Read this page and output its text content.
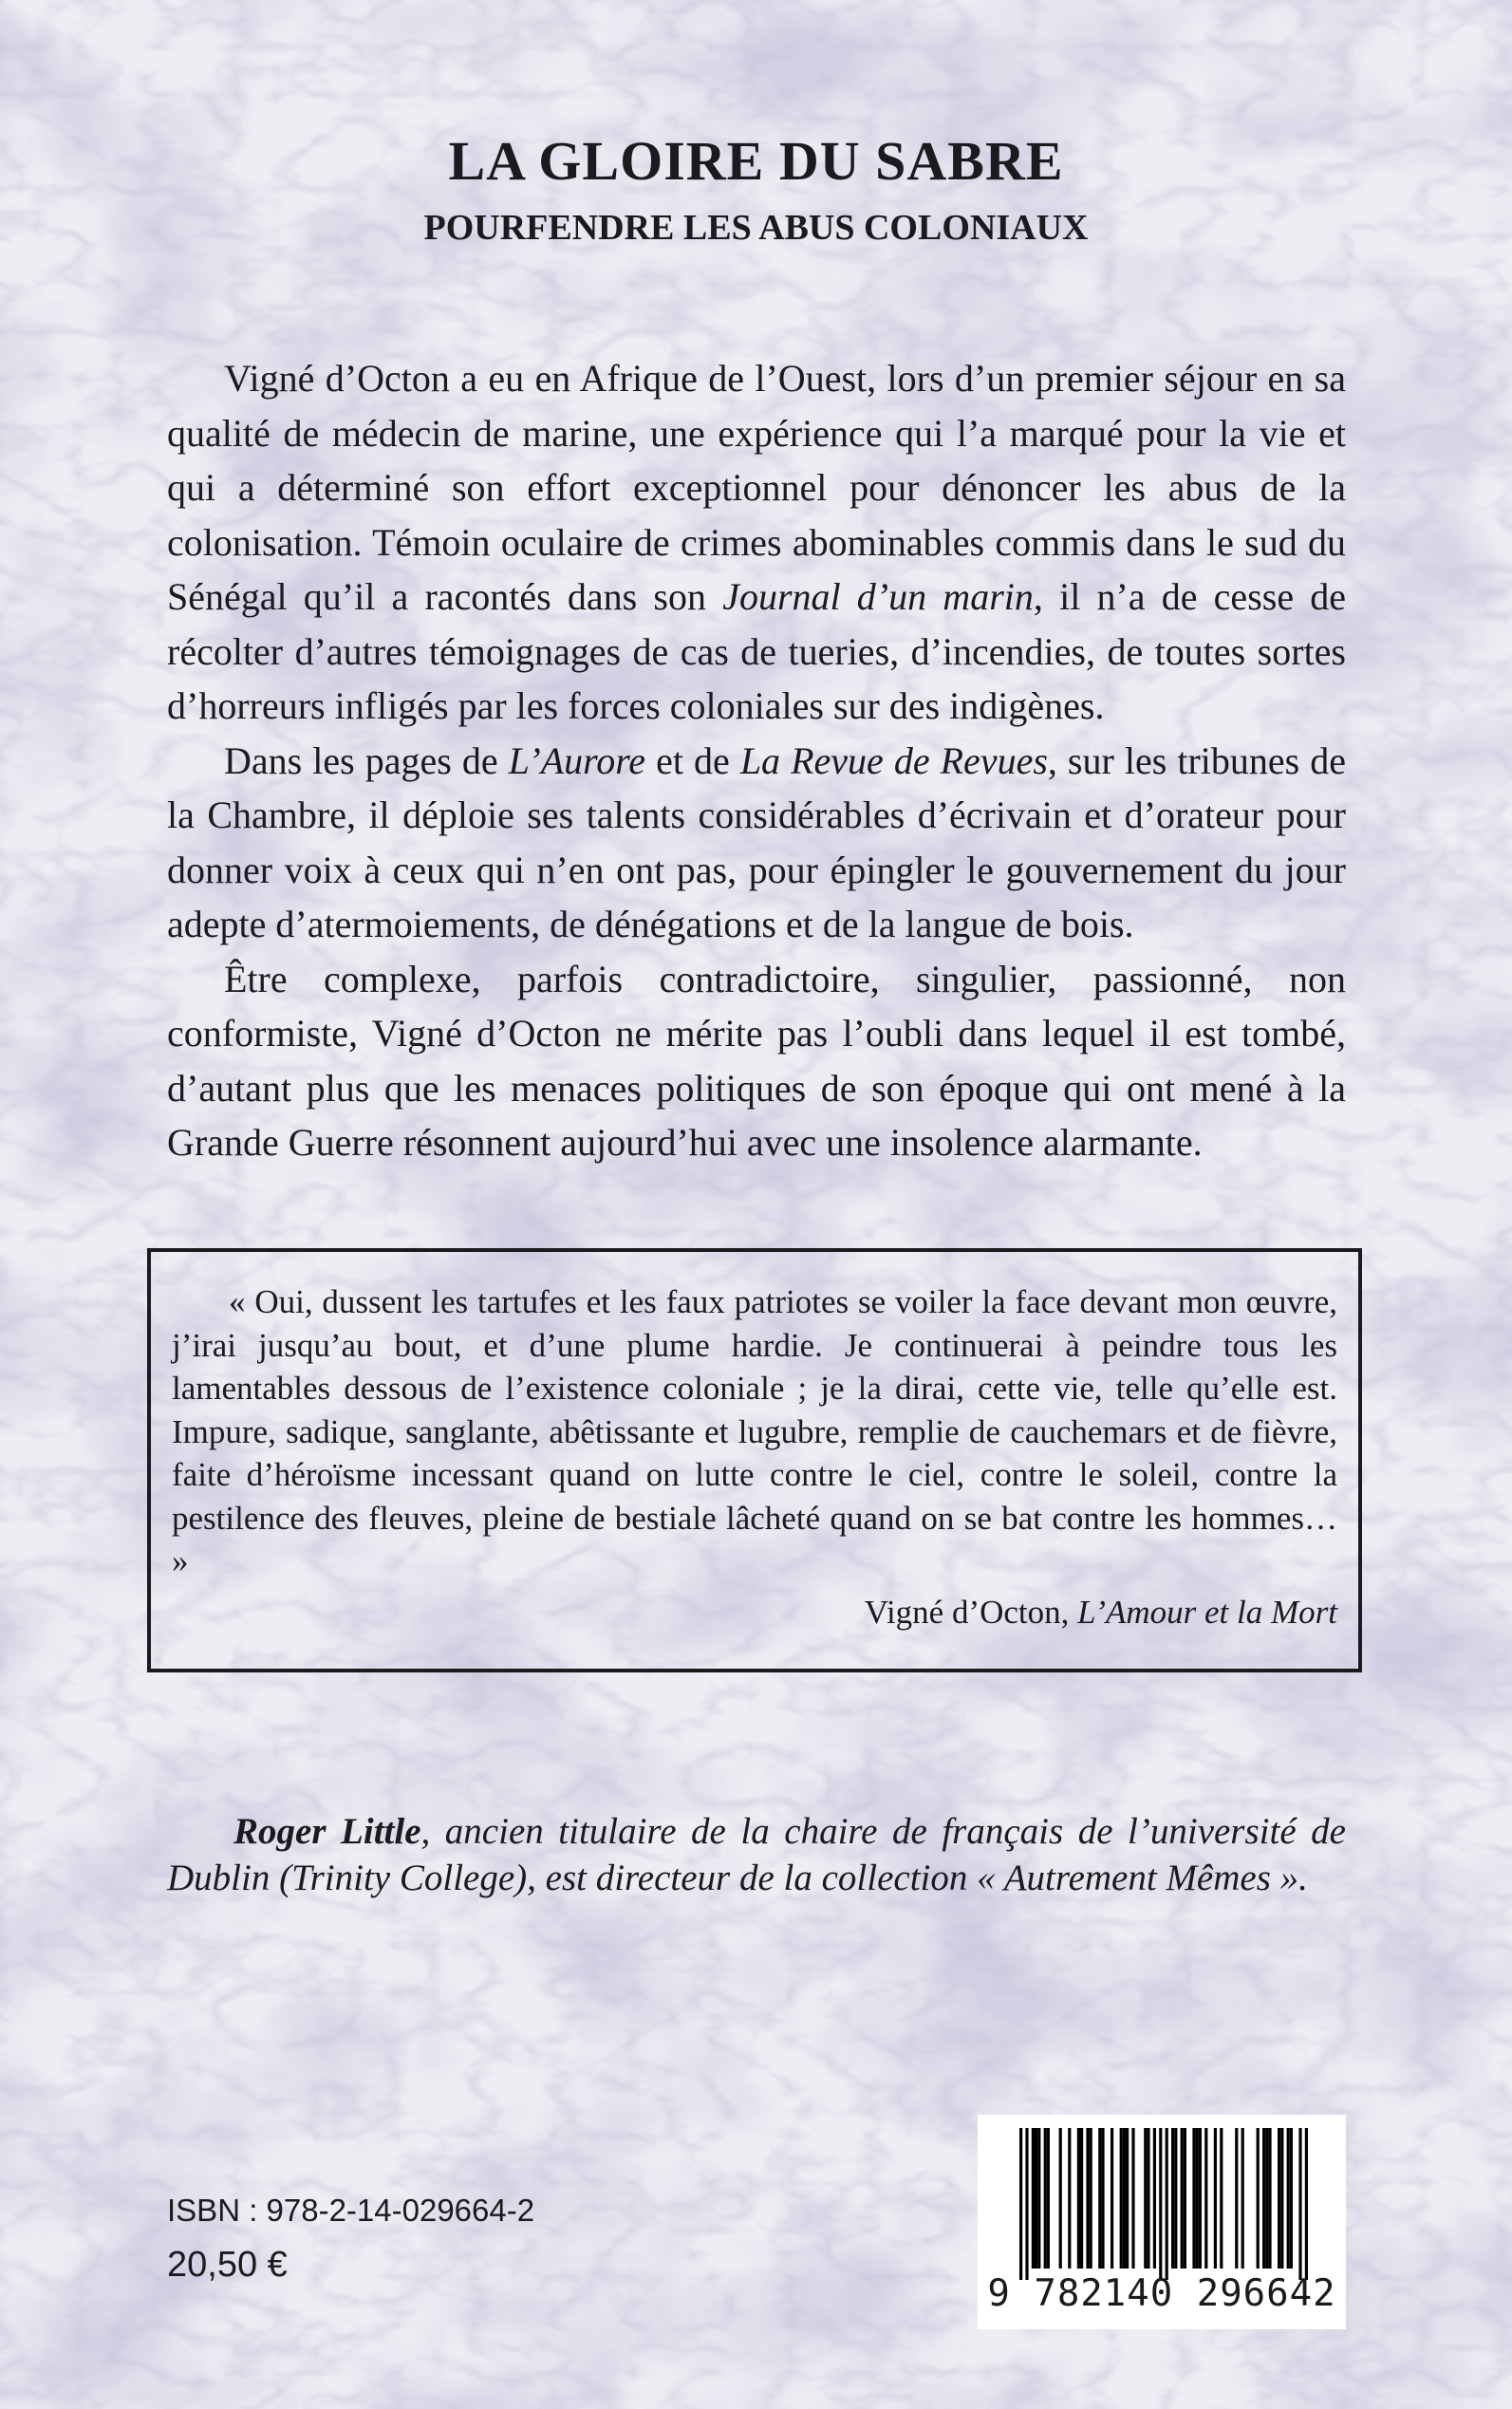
LA GLOIRE DU SABRE
POURFENDRE LES ABUS COLONIAUX

Vigné d’Octon a eu en Afrique de l’Ouest, lors d’un premier séjour en sa qualité de médecin de marine, une expérience qui l’a marqué pour la vie et qui a déterminé son effort exceptionnel pour dénoncer les abus de la colonisation. Témoin oculaire de crimes abominables commis dans le sud du Sénégal qu’il a racontés dans son Journal d’un marin, il n’a de cesse de récolter d’autres témoignages de cas de tueries, d’incendies, de toutes sortes d’horreurs infligés par les forces coloniales sur des indigènes.

Dans les pages de L’Aurore et de La Revue de Revues, sur les tribunes de la Chambre, il déploie ses talents considérables d’écrivain et d’orateur pour donner voix à ceux qui n’en ont pas, pour épingler le gouvernement du jour adepte d’atermoiements, de dénégations et de la langue de bois.

Être complexe, parfois contradictoire, singulier, passionné, non conformiste, Vigné d’Octon ne mérite pas l’oubli dans lequel il est tombé, d’autant plus que les menaces politiques de son époque qui ont mené à la Grande Guerre résonnent aujourd’hui avec une insolence alarmante.

« Oui, dussent les tartufes et les faux patriotes se voiler la face devant mon œuvre, j’irai jusqu’au bout, et d’une plume hardie. Je continuerai à peindre tous les lamentables dessous de l’existence coloniale ; je la dirai, cette vie, telle qu’elle est. Impure, sadique, sanglante, abêtissante et lugubre, remplie de cauchemars et de fièvre, faite d’héroïsme incessant quand on lutte contre le ciel, contre le soleil, contre la pestilence des fleuves, pleine de bestiale lâcheté quand on se bat contre les hommes… »

Vigné d’Octon, L’Amour et la Mort

Roger Little, ancien titulaire de la chaire de français de l’université de Dublin (Trinity College), est directeur de la collection « Autrement Mêmes ».

ISBN : 978-2-14-029664-2

20,50 €

9 782140 296642
